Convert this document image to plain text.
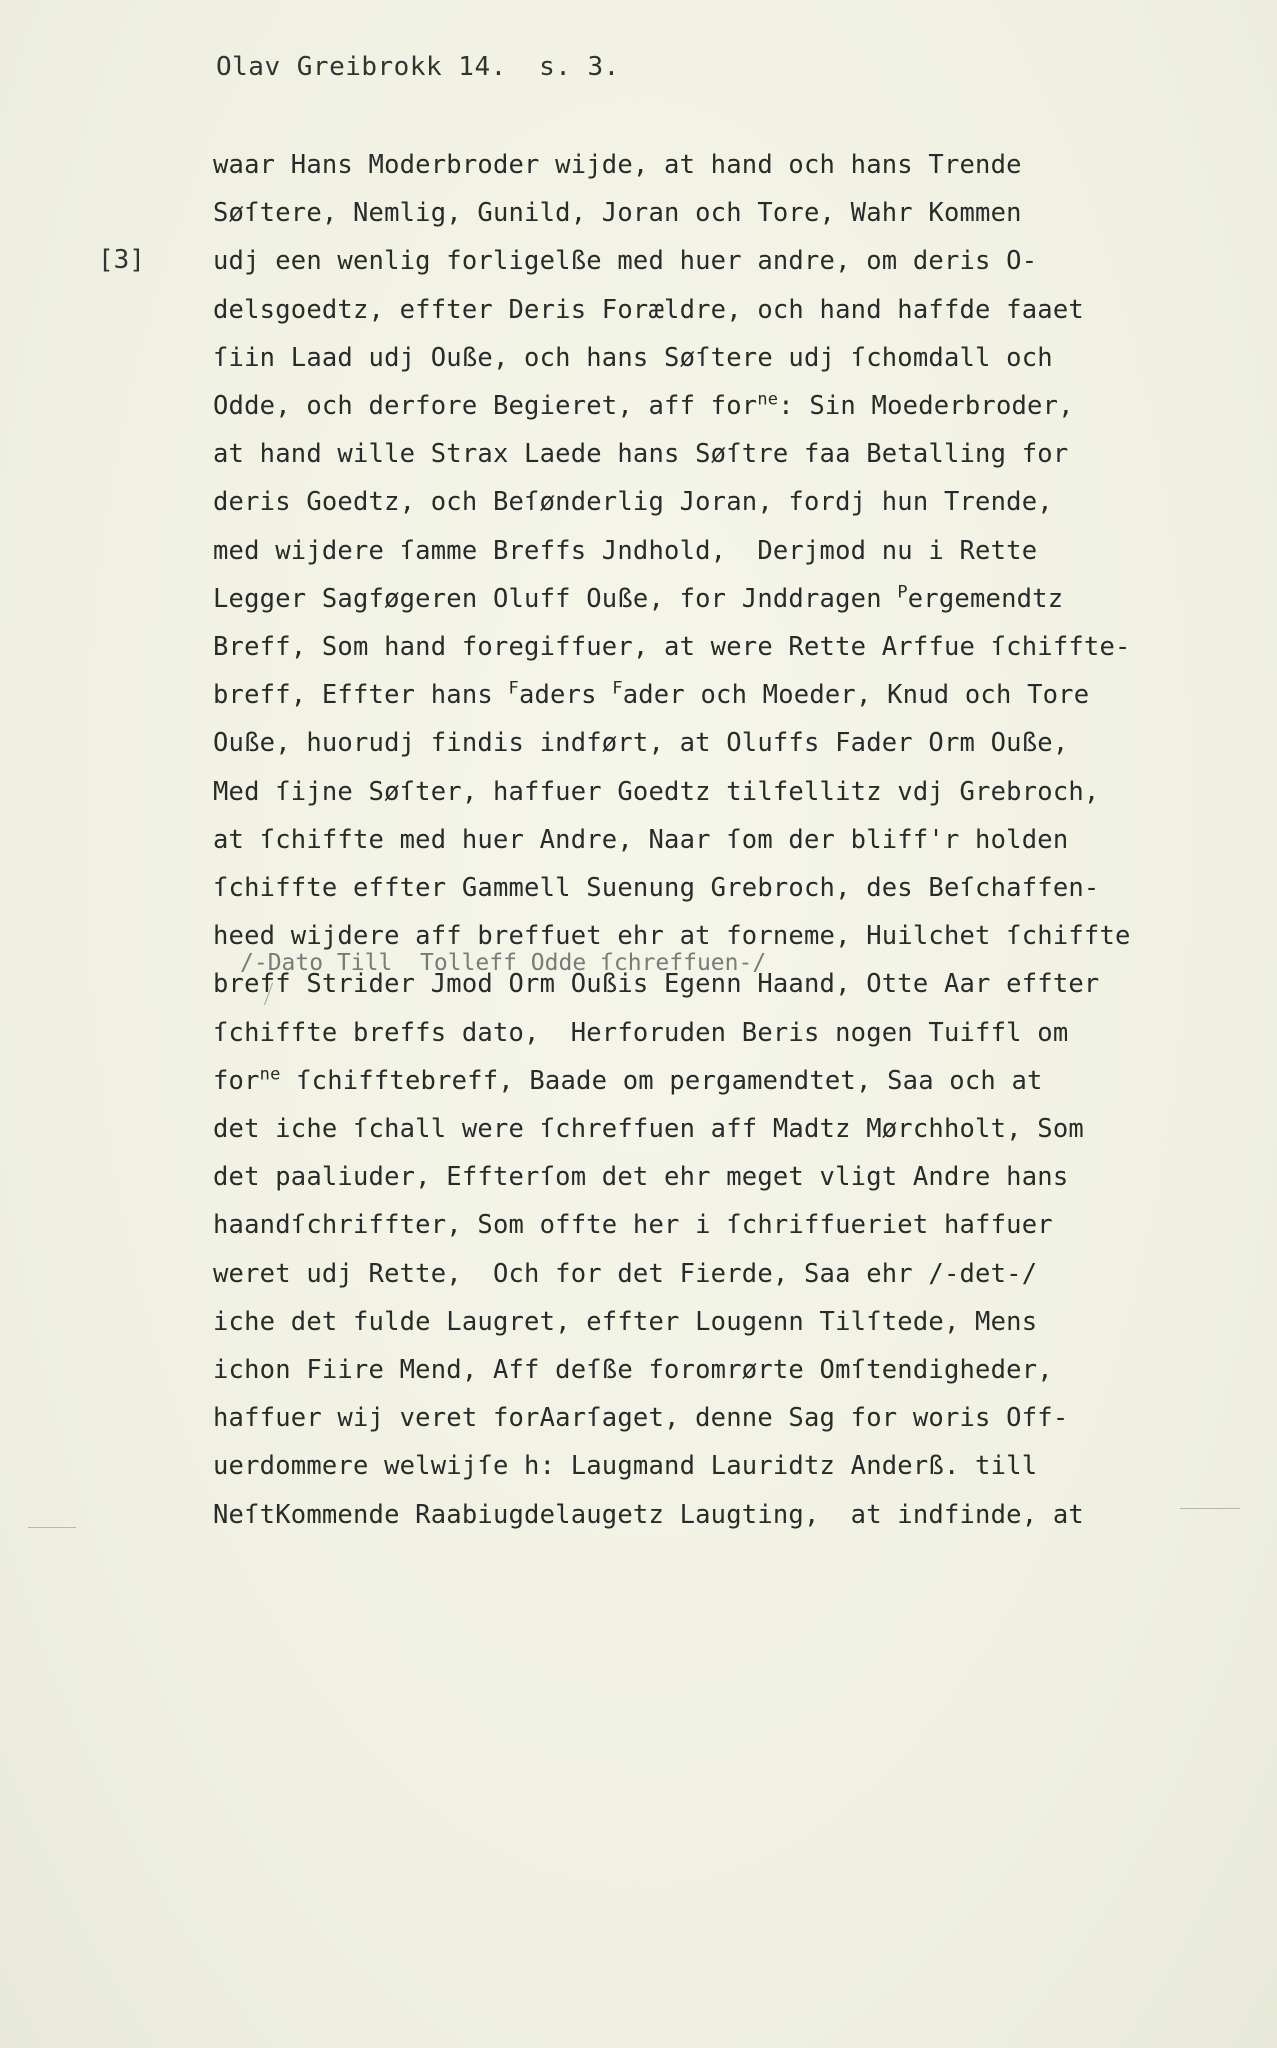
Olav Greibrokk 14.  s. 3.
[3]
waar Hans Moderbroder wijde, at hand och hans Trende
Søſtere, Nemlig, Gunild, Joran och Tore, Wahr Kommen
udj een wenlig forligelße med huer andre, om deris O-
delsgoedtz, effter Deris Forældre, och hand haffde faaet
ſiin Laad udj Ouße, och hans Søſtere udj ſchomdall och
Odde, och derfore Begieret, aff for$^{ne}$: Sin Moederbroder,
at hand wille Strax Laede hans Søſtre faa Betalling for
deris Goedtz, och Beſønderlig Joran, fordj hun Trende,
med wijdere ſamme Breffs Jndhold,  Derjmod nu i Rette
Legger Sagføgeren Oluff Ouße, for Jnddragen $^P$ergemendtz
Breff, Som hand foregiffuer, at were Rette Arffue ſchiffte-
breff, Effter hans $^F$aders $^F$ader och Moeder, Knud och Tore
Ouße, huorudj findis indført, at Oluffs Fader Orm Ouße,
Med ſijne Søſter, haffuer Goedtz tilfellitz vdj Grebroch,
at ſchiffte med huer Andre, Naar ſom der bliff'r holden
ſchiffte effter Gammell Suenung Grebroch, des Beſchaffen-
heed wijdere aff breffuet ehr at forneme, Huilchet ſchiffte
breff Strider Jmod Orm Oußis Egenn Haand, Otte Aar effter
ſchiffte breffs dato,  Herforuden Beris nogen Tuiffl om
for$^{ne}$ ſchifftebreff, Baade om pergamendtet, Saa och at
det iche ſchall were ſchreffuen aff Madtz Mørchholt, Som
det paaliuder, Effterſom det ehr meget vligt Andre hans
haandſchriffter, Som offte her i ſchriffueriet haffuer
weret udj Rette,  Och for det Fierde, Saa ehr /-det-/
iche det fulde Laugret, effter Lougenn Tilſtede, Mens
ichon Fiire Mend, Aff deſße foromrørte Omſtendigheder,
haffuer wij veret forAarſaget, denne Sag for woris Off-
uerdommere welwijſe h: Laugmand Lauridtz Anderß. till
NeſtKommende Raabiugdelaugetz Laugting,  at indfinde, at
/-Dato Till  Tolleff Odde ſchreffuen-/
